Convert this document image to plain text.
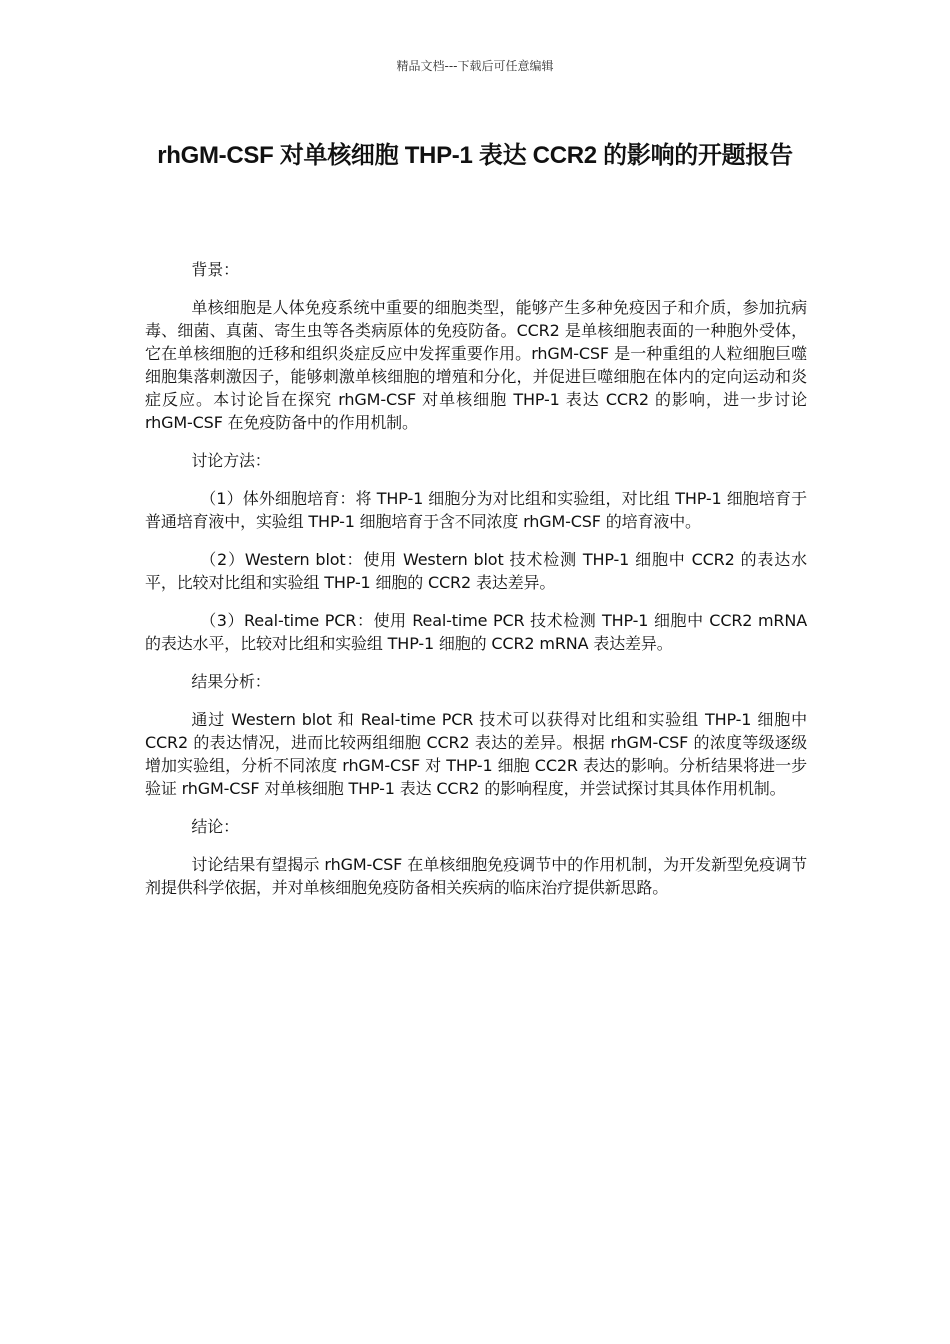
精品文档---下载后可任意编辑
rhGM-CSF 对单核细胞 THP-1 表达 CCR2 的影响的开题报告

背景：

单核细胞是人体免疫系统中重要的细胞类型，能够产生多种免疫因子和介质，参加抗病毒、细菌、真菌、寄生虫等各类病原体的免疫防备。CCR2 是单核细胞表面的一种胞外受体，它在单核细胞的迁移和组织炎症反应中发挥重要作用。rhGM-CSF 是一种重组的人粒细胞巨噬细胞集落刺激因子，能够刺激单核细胞的增殖和分化，并促进巨噬细胞在体内的定向运动和炎症反应。本讨论旨在探究 rhGM-CSF 对单核细胞 THP-1 表达 CCR2 的影响，进一步讨论 rhGM-CSF 在免疫防备中的作用机制。

讨论方法：

（1）体外细胞培育：将 THP-1 细胞分为对比组和实验组，对比组 THP-1 细胞培育于普通培育液中，实验组 THP-1 细胞培育于含不同浓度 rhGM-CSF 的培育液中。

（2）Western blot：使用 Western blot 技术检测 THP-1 细胞中 CCR2 的表达水平，比较对比组和实验组 THP-1 细胞的 CCR2 表达差异。

（3）Real-time PCR：使用 Real-time PCR 技术检测 THP-1 细胞中 CCR2 mRNA 的表达水平，比较对比组和实验组 THP-1 细胞的 CCR2 mRNA 表达差异。

结果分析：

通过 Western blot 和 Real-time PCR 技术可以获得对比组和实验组 THP-1 细胞中 CCR2 的表达情况，进而比较两组细胞 CCR2 表达的差异。根据 rhGM-CSF 的浓度等级逐级增加实验组，分析不同浓度 rhGM-CSF 对 THP-1 细胞 CC2R 表达的影响。分析结果将进一步验证 rhGM-CSF 对单核细胞 THP-1 表达 CCR2 的影响程度，并尝试探讨其具体作用机制。

结论：

讨论结果有望揭示 rhGM-CSF 在单核细胞免疫调节中的作用机制，为开发新型免疫调节剂提供科学依据，并对单核细胞免疫防备相关疾病的临床治疗提供新思路。
